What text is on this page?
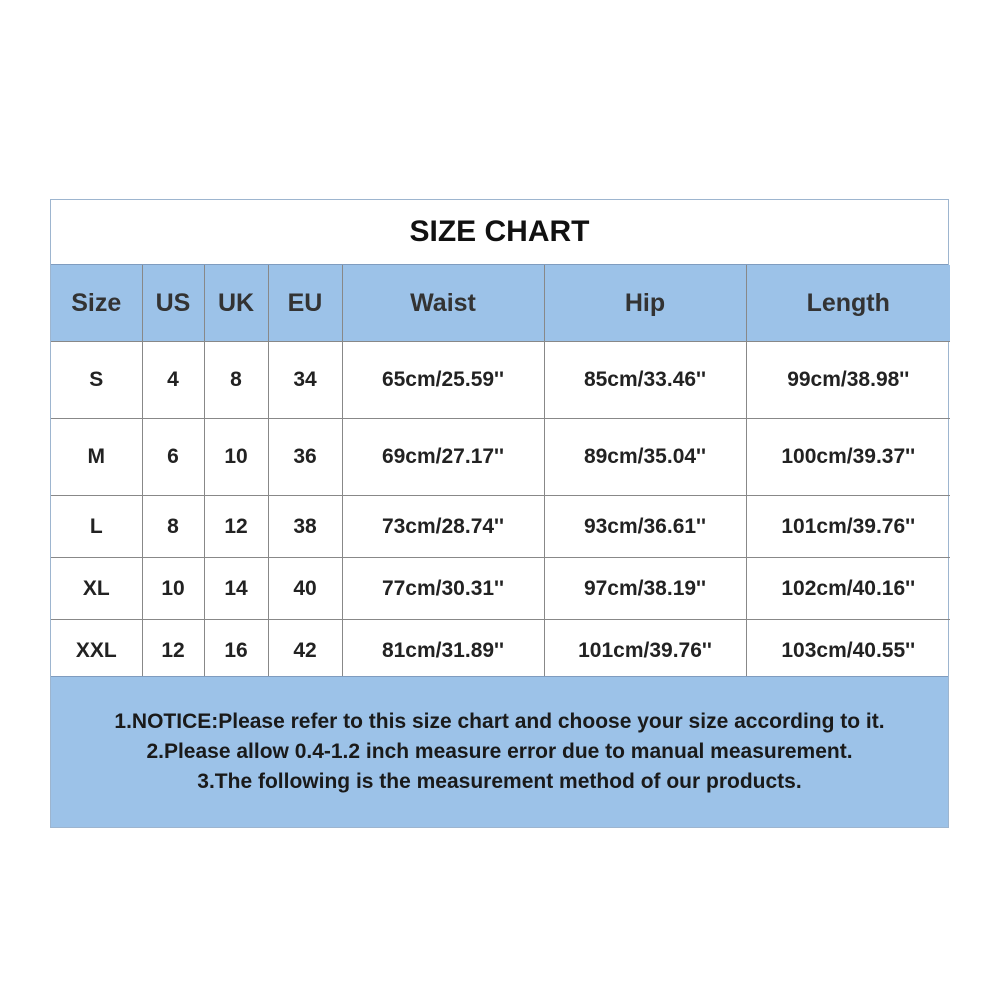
SIZE CHART
Size	US	UK	EU	Waist	Hip	Length
S	4	8	34	65cm/25.59''	85cm/33.46''	99cm/38.98''
M	6	10	36	69cm/27.17''	89cm/35.04''	100cm/39.37''
L	8	12	38	73cm/28.74''	93cm/36.61''	101cm/39.76''
XL	10	14	40	77cm/30.31''	97cm/38.19''	102cm/40.16''
XXL	12	16	42	81cm/31.89''	101cm/39.76''	103cm/40.55''
1.NOTICE:Please refer to this size chart and choose your size according to it.
2.Please allow 0.4-1.2 inch measure error due to manual measurement.
3.The following is the measurement method of our products.
